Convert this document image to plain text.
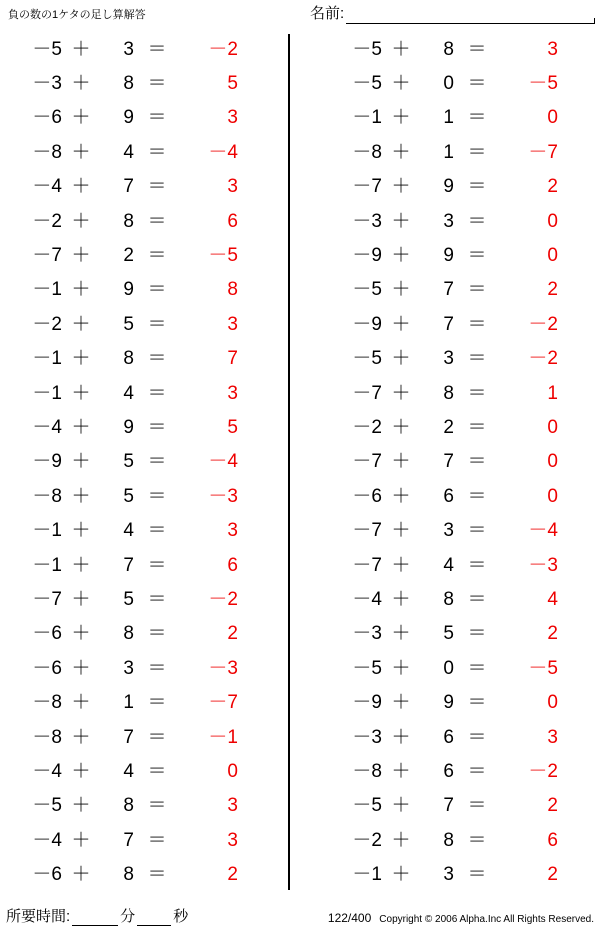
負の数の1ケタの足し算解答	名前:
－5 ＋	3 ＝	－2
－3 ＋	8 ＝	5
－6 ＋	9 ＝	3
－8 ＋	4 ＝	－4
－4 ＋	7 ＝	3
－2 ＋	8 ＝	6
－7 ＋	2 ＝	－5
－1 ＋	9 ＝	8
－2 ＋	5 ＝	3
－1 ＋	8 ＝	7
－1 ＋	4 ＝	3
－4 ＋	9 ＝	5
－9 ＋	5 ＝	－4
－8 ＋	5 ＝	－3
－1 ＋	4 ＝	3
－1 ＋	7 ＝	6
－7 ＋	5 ＝	－2
－6 ＋	8 ＝	2
－6 ＋	3 ＝	－3
－8 ＋	1 ＝	－7
－8 ＋	7 ＝	－1
－4 ＋	4 ＝	0
－5 ＋	8 ＝	3
－4 ＋	7 ＝	3
－6 ＋	8 ＝	2
－5 ＋	8 ＝	3
－5 ＋	0 ＝	－5
－1 ＋	1 ＝	0
－8 ＋	1 ＝	－7
－7 ＋	9 ＝	2
－3 ＋	3 ＝	0
－9 ＋	9 ＝	0
－5 ＋	7 ＝	2
－9 ＋	7 ＝	－2
－5 ＋	3 ＝	－2
－7 ＋	8 ＝	1
－2 ＋	2 ＝	0
－7 ＋	7 ＝	0
－6 ＋	6 ＝	0
－7 ＋	3 ＝	－4
－7 ＋	4 ＝	－3
－4 ＋	8 ＝	4
－3 ＋	5 ＝	2
－5 ＋	0 ＝	－5
－9 ＋	9 ＝	0
－3 ＋	6 ＝	3
－8 ＋	6 ＝	－2
－5 ＋	7 ＝	2
－2 ＋	8 ＝	6
－1 ＋	3 ＝	2
所要時間:	分	秒	122/400 Copyright © 2006 Alpha.Inc All Rights Reserved.
